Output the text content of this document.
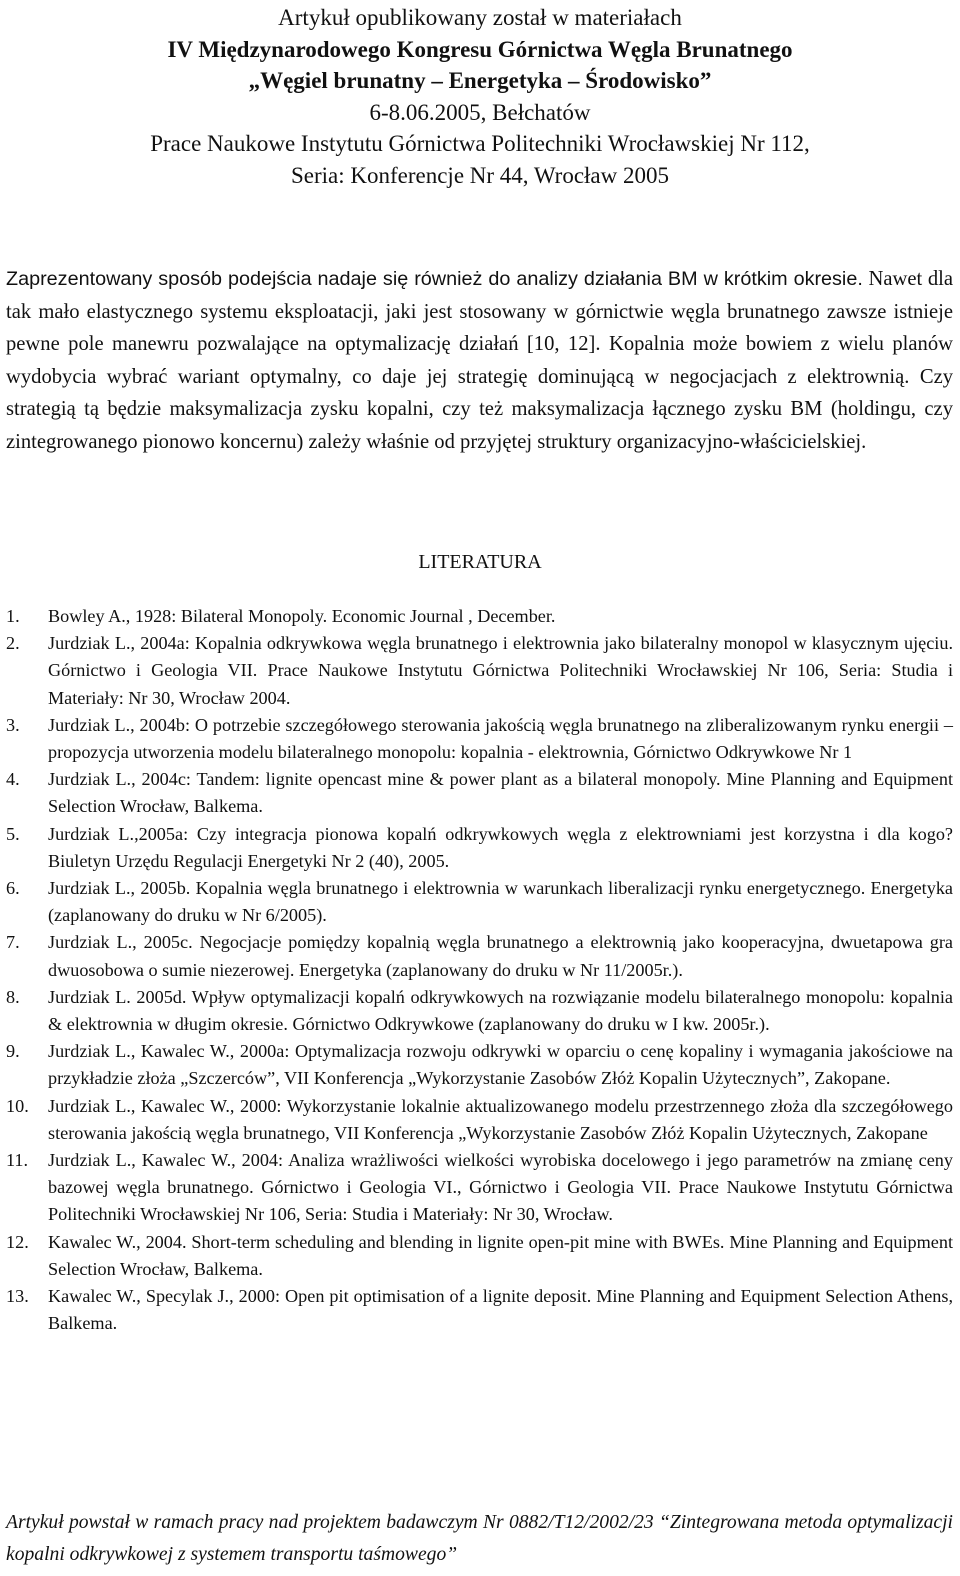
Artykuł opublikowany został w materiałach
IV Międzynarodowego Kongresu Górnictwa Węgla Brunatnego
„Węgiel brunatny – Energetyka – Środowisko”
6-8.06.2005, Bełchatów
Prace Naukowe Instytutu Górnictwa Politechniki Wrocławskiej Nr 112,
Seria: Konferencje Nr 44, Wrocław 2005

Zaprezentowany sposób podejścia nadaje się również do analizy działania BM w krótkim okresie. Nawet dla tak mało elastycznego systemu eksploatacji, jaki jest stosowany w górnictwie węgla brunatnego zawsze istnieje pewne pole manewru pozwalające na optymalizację działań [10, 12]. Kopalnia może bowiem z wielu planów wydobycia wybrać wariant optymalny, co daje jej strategię dominującą w negocjacjach z elektrownią. Czy strategią tą będzie maksymalizacja zysku kopalni, czy też maksymalizacja łącznego zysku BM (holdingu, czy zintegrowanego pionowo koncernu) zależy właśnie od przyjętej struktury organizacyjno-właścicielskiej.

LITERATURA
1.	Bowley A., 1928: Bilateral Monopoly. Economic Journal , December.
2.	Jurdziak L., 2004a: Kopalnia odkrywkowa węgla brunatnego i elektrownia jako bilateralny monopol w klasycznym ujęciu. Górnictwo i Geologia VII. Prace Naukowe Instytutu Górnictwa Politechniki Wrocławskiej Nr 106, Seria: Studia i Materiały: Nr 30, Wrocław 2004.
3.	Jurdziak L., 2004b: O potrzebie szczegółowego sterowania jakością węgla brunatnego na zliberalizowanym rynku energii – propozycja utworzenia modelu bilateralnego monopolu: kopalnia - elektrownia, Górnictwo Odkrywkowe Nr 1
4.	Jurdziak L., 2004c: Tandem: lignite opencast mine & power plant as a bilateral monopoly. Mine Planning and Equipment Selection Wrocław, Balkema.
5.	Jurdziak L.,2005a: Czy integracja pionowa kopalń odkrywkowych węgla z elektrowniami jest korzystna i dla kogo? Biuletyn Urzędu Regulacji Energetyki Nr 2 (40), 2005.
6.	Jurdziak L., 2005b. Kopalnia węgla brunatnego i elektrownia w warunkach liberalizacji rynku energetycznego. Energetyka (zaplanowany do druku w Nr 6/2005).
7.	Jurdziak L., 2005c. Negocjacje pomiędzy kopalnią węgla brunatnego a elektrownią jako kooperacyjna, dwuetapowa gra dwuosobowa o sumie niezerowej. Energetyka (zaplanowany do druku w Nr 11/2005r.).
8.	Jurdziak L. 2005d. Wpływ optymalizacji kopalń odkrywkowych na rozwiązanie modelu bilateralnego monopolu: kopalnia & elektrownia w długim okresie. Górnictwo Odkrywkowe (zaplanowany do druku w I kw. 2005r.).
9.	Jurdziak L., Kawalec W., 2000a: Optymalizacja rozwoju odkrywki w oparciu o cenę kopaliny i wymagania jakościowe na przykładzie złoża „Szczerców”, VII Konferencja „Wykorzystanie Zasobów Złóż Kopalin Użytecznych”, Zakopane.
10.	Jurdziak L., Kawalec W., 2000: Wykorzystanie lokalnie aktualizowanego modelu przestrzennego złoża dla szczegółowego sterowania jakością węgla brunatnego, VII Konferencja „Wykorzystanie Zasobów Złóż Kopalin Użytecznych, Zakopane
11.	Jurdziak L., Kawalec W., 2004: Analiza wrażliwości wielkości wyrobiska docelowego i jego parametrów na zmianę ceny bazowej węgla brunatnego. Górnictwo i Geologia VI., Górnictwo i Geologia VII. Prace Naukowe Instytutu Górnictwa Politechniki Wrocławskiej Nr 106, Seria: Studia i Materiały: Nr 30, Wrocław.
12.	Kawalec W., 2004. Short-term scheduling and blending in lignite open-pit mine with BWEs. Mine Planning and Equipment Selection Wrocław, Balkema.
13.	Kawalec W., Specylak J., 2000: Open pit optimisation of a lignite deposit. Mine Planning and Equipment Selection Athens, Balkema.
Artykuł powstał w ramach pracy nad projektem badawczym Nr 0882/T12/2002/23 “Zintegrowana metoda optymalizacji kopalni odkrywkowej z systemem transportu taśmowego”
